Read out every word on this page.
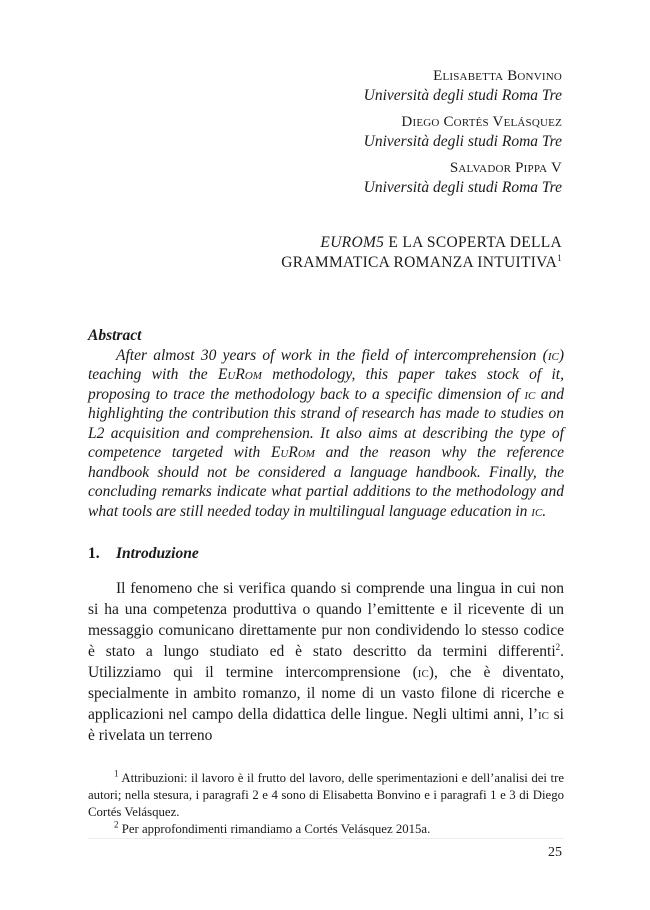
Elisabetta Bonvino
Università degli studi Roma Tre
Diego Cortés Velásquez
Università degli studi Roma Tre
Salvador Pippa V
Università degli studi Roma Tre
EUROM5 E LA SCOPERTA DELLA
GRAMMATICA ROMANZA INTUITIVA$^1$
Abstract

After almost 30 years of work in the field of intercomprehension (ic) teaching with the EuRom methodology, this paper takes stock of it, proposing to trace the methodology back to a specific dimension of ic and highlighting the contribution this strand of research has made to studies on L2 acquisition and comprehension. It also aims at describing the type of competence targeted with EuRom and the reason why the reference handbook should not be considered a language handbook. Finally, the concluding remarks indicate what partial additions to the methodology and what tools are still needed today in multilingual language education in ic.

1. Introduzione

Il fenomeno che si verifica quando si comprende una lingua in cui non si ha una competenza produttiva o quando l’emittente e il ricevente di un messaggio comunicano direttamente pur non condividendo lo stesso codice è stato a lungo studiato ed è stato descritto da termini differenti$^2$. Utilizziamo qui il termine intercomprensione (ic), che è diventato, specialmente in ambito romanzo, il nome di un vasto filone di ricerche e applicazioni nel campo della didattica delle lingue. Negli ultimi anni, l’ic si è rivelata un terreno

$^1$ Attribuzioni: il lavoro è il frutto del lavoro, delle sperimentazioni e dell’analisi dei tre autori; nella stesura, i paragrafi 2 e 4 sono di Elisabetta Bonvino e i paragrafi 1 e 3 di Diego Cortés Velásquez.

$^2$ Per approfondimenti rimandiamo a Cortés Velásquez 2015a.

25
